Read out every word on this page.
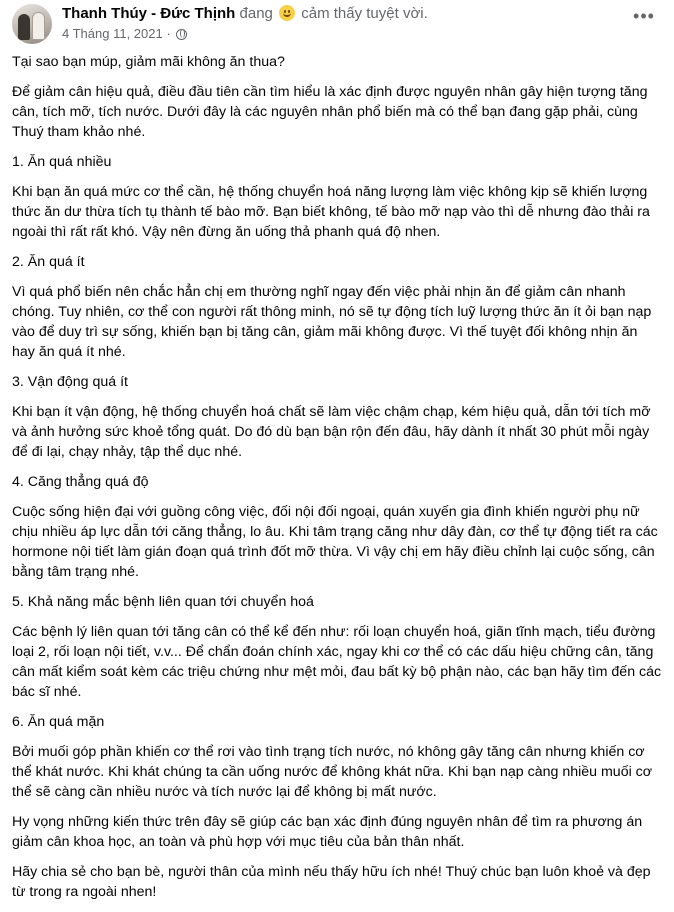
Thanh Thúy - Đức Thịnh đang cảm thấy tuyệt vời.
4 Tháng 11, 2021 ·
•••

Tại sao bạn múp, giảm mãi không ăn thua?

Để giảm cân hiệu quả, điều đầu tiên cần tìm hiểu là xác định được nguyên nhân gây hiện tượng tăng cân, tích mỡ, tích nước. Dưới đây là các nguyên nhân phổ biến mà có thể bạn đang gặp phải, cùng Thuý tham khảo nhé.

1. Ăn quá nhiều

Khi bạn ăn quá mức cơ thể cần, hệ thống chuyển hoá năng lượng làm việc không kịp sẽ khiến lượng thức ăn dư thừa tích tụ thành tế bào mỡ. Bạn biết không, tế bào mỡ nạp vào thì dễ nhưng đào thải ra ngoài thì rất rất khó. Vậy nên đừng ăn uống thả phanh quá độ nhen.

2. Ăn quá ít

Vì quá phổ biến nên chắc hẳn chị em thường nghĩ ngay đến việc phải nhịn ăn để giảm cân nhanh chóng. Tuy nhiên, cơ thể con người rất thông minh, nó sẽ tự động tích luỹ lượng thức ăn ít ỏi bạn nạp vào để duy trì sự sống, khiến bạn bị tăng cân, giảm mãi không được. Vì thế tuyệt đối không nhịn ăn hay ăn quá ít nhé.

3. Vận động quá ít

Khi bạn ít vận động, hệ thống chuyển hoá chất sẽ làm việc chậm chạp, kém hiệu quả, dẫn tới tích mỡ và ảnh hưởng sức khoẻ tổng quát. Do đó dù bạn bận rộn đến đâu, hãy dành ít nhất 30 phút mỗi ngày để đi lại, chạy nhảy, tập thể dục nhé.

4. Căng thẳng quá độ

Cuộc sống hiện đại với guồng công việc, đối nội đối ngoại, quán xuyến gia đình khiến người phụ nữ chịu nhiều áp lực dẫn tới căng thẳng, lo âu. Khi tâm trạng căng như dây đàn, cơ thể tự động tiết ra các hormone nội tiết làm gián đoạn quá trình đốt mỡ thừa. Vì vậy chị em hãy điều chỉnh lại cuộc sống, cân bằng tâm trạng nhé.

5. Khả năng mắc bệnh liên quan tới chuyển hoá

Các bệnh lý liên quan tới tăng cân có thể kể đến như: rối loạn chuyển hoá, giãn tĩnh mạch, tiểu đường loại 2, rối loạn nội tiết, v.v... Để chẩn đoán chính xác, ngay khi cơ thể có các dấu hiệu chững cân, tăng cân mất kiểm soát kèm các triệu chứng như mệt mỏi, đau bất kỳ bộ phận nào, các bạn hãy tìm đến các bác sĩ nhé.

6. Ăn quá mặn

Bởi muối góp phần khiến cơ thể rơi vào tình trạng tích nước, nó không gây tăng cân nhưng khiến cơ thể khát nước. Khi khát chúng ta cần uống nước để không khát nữa. Khi bạn nạp càng nhiều muối cơ thể sẽ càng cần nhiều nước và tích nước lại để không bị mất nước.

Hy vọng những kiến thức trên đây sẽ giúp các bạn xác định đúng nguyên nhân để tìm ra phương án giảm cân khoa học, an toàn và phù hợp với mục tiêu của bản thân nhất.

Hãy chia sẻ cho bạn bè, người thân của mình nếu thấy hữu ích nhé! Thuý chúc bạn luôn khoẻ và đẹp từ trong ra ngoài nhen!
